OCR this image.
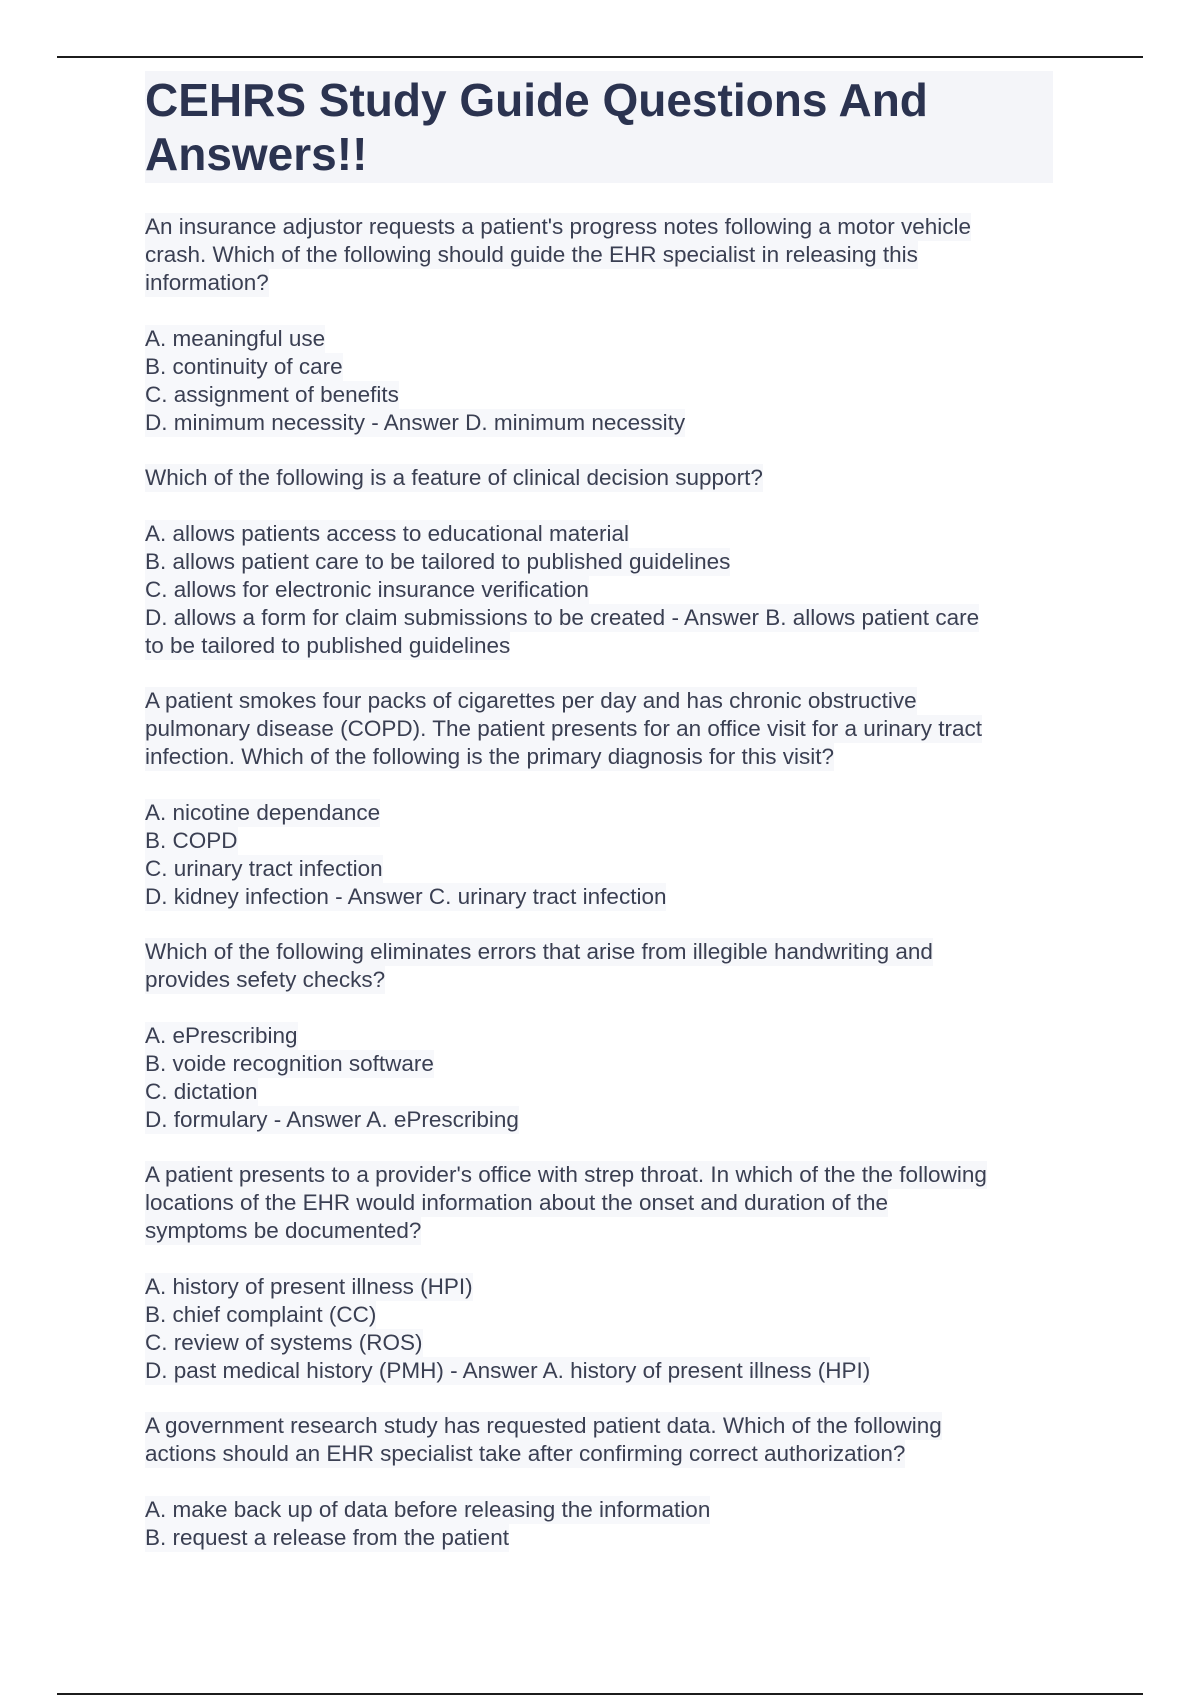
CEHRS Study Guide Questions And Answers!!
An insurance adjustor requests a patient's progress notes following a motor vehicle
crash. Which of the following should guide the EHR specialist in releasing this
information?
A. meaningful use
B. continuity of care
C. assignment of benefits
D. minimum necessity - Answer D. minimum necessity
Which of the following is a feature of clinical decision support?
A. allows patients access to educational material
B. allows patient care to be tailored to published guidelines
C. allows for electronic insurance verification
D. allows a form for claim submissions to be created - Answer B. allows patient care
to be tailored to published guidelines
A patient smokes four packs of cigarettes per day and has chronic obstructive
pulmonary disease (COPD). The patient presents for an office visit for a urinary tract
infection. Which of the following is the primary diagnosis for this visit?
A. nicotine dependance
B. COPD
C. urinary tract infection
D. kidney infection - Answer C. urinary tract infection
Which of the following eliminates errors that arise from illegible handwriting and
provides sefety checks?
A. ePrescribing
B. voide recognition software
C. dictation
D. formulary - Answer A. ePrescribing
A patient presents to a provider's office with strep throat. In which of the the following
locations of the EHR would information about the onset and duration of the
symptoms be documented?
A. history of present illness (HPI)
B. chief complaint (CC)
C. review of systems (ROS)
D. past medical history (PMH) - Answer A. history of present illness (HPI)
A government research study has requested patient data. Which of the following
actions should an EHR specialist take after confirming correct authorization?
A. make back up of data before releasing the information
B. request a release from the patient
